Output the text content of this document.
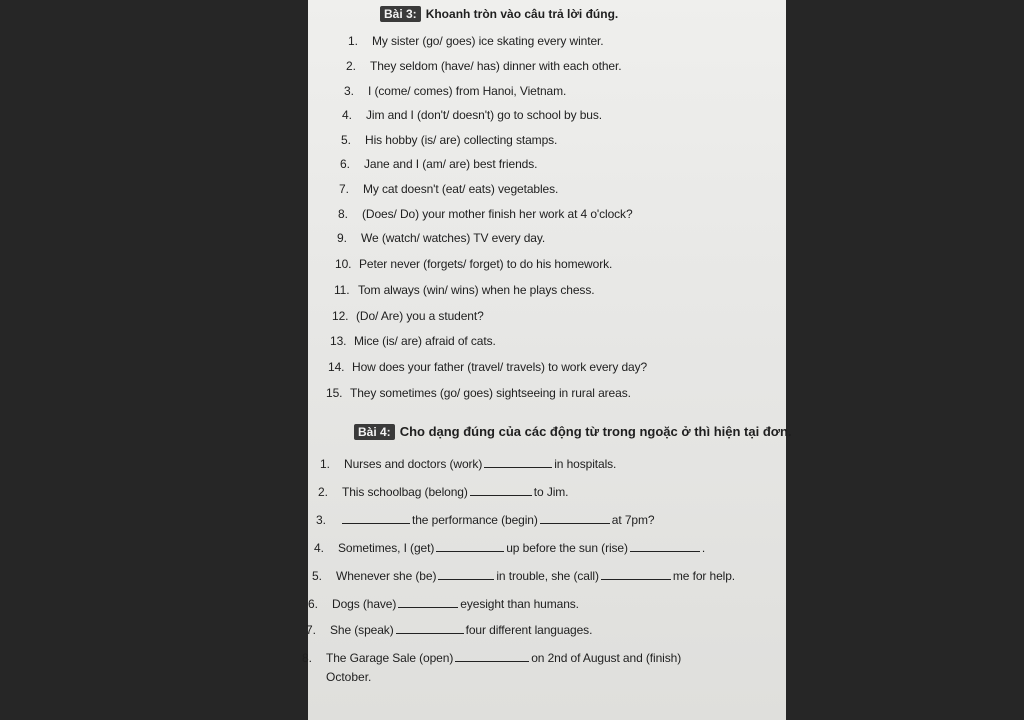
Bài 3: Khoanh tròn vào câu trả lời đúng.
1. My sister (go/ goes) ice skating every winter.
2. They seldom (have/ has) dinner with each other.
3. I (come/ comes) from Hanoi, Vietnam.
4. Jim and I (don't/ doesn't) go to school by bus.
5. His hobby (is/ are) collecting stamps.
6. Jane and I (am/ are) best friends.
7. My cat doesn't (eat/ eats) vegetables.
8. (Does/ Do) your mother finish her work at 4 o'clock?
9. We (watch/ watches) TV every day.
10. Peter never (forgets/ forget) to do his homework.
11. Tom always (win/ wins) when he plays chess.
12. (Do/ Are) you a student?
13. Mice (is/ are) afraid of cats.
14. How does your father (travel/ travels) to work every day?
15. They sometimes (go/ goes) sightseeing in rural areas.
Bài 4: Cho dạng đúng của các động từ trong ngoặc ở thì hiện tại đơn.
1. Nurses and doctors (work)	in hospitals.
2. This schoolbag (belong)	to Jim.
3.	the performance (begin)	at 7pm?
4. Sometimes, I (get)	up before the sun (rise)	.
5. Whenever she (be)	in trouble, she (call)	me for help.
6. Dogs (have)	eyesight than humans.
7. She (speak)	four different languages.
8. The Garage Sale (open)	on 2nd of August and (finish)
October.
